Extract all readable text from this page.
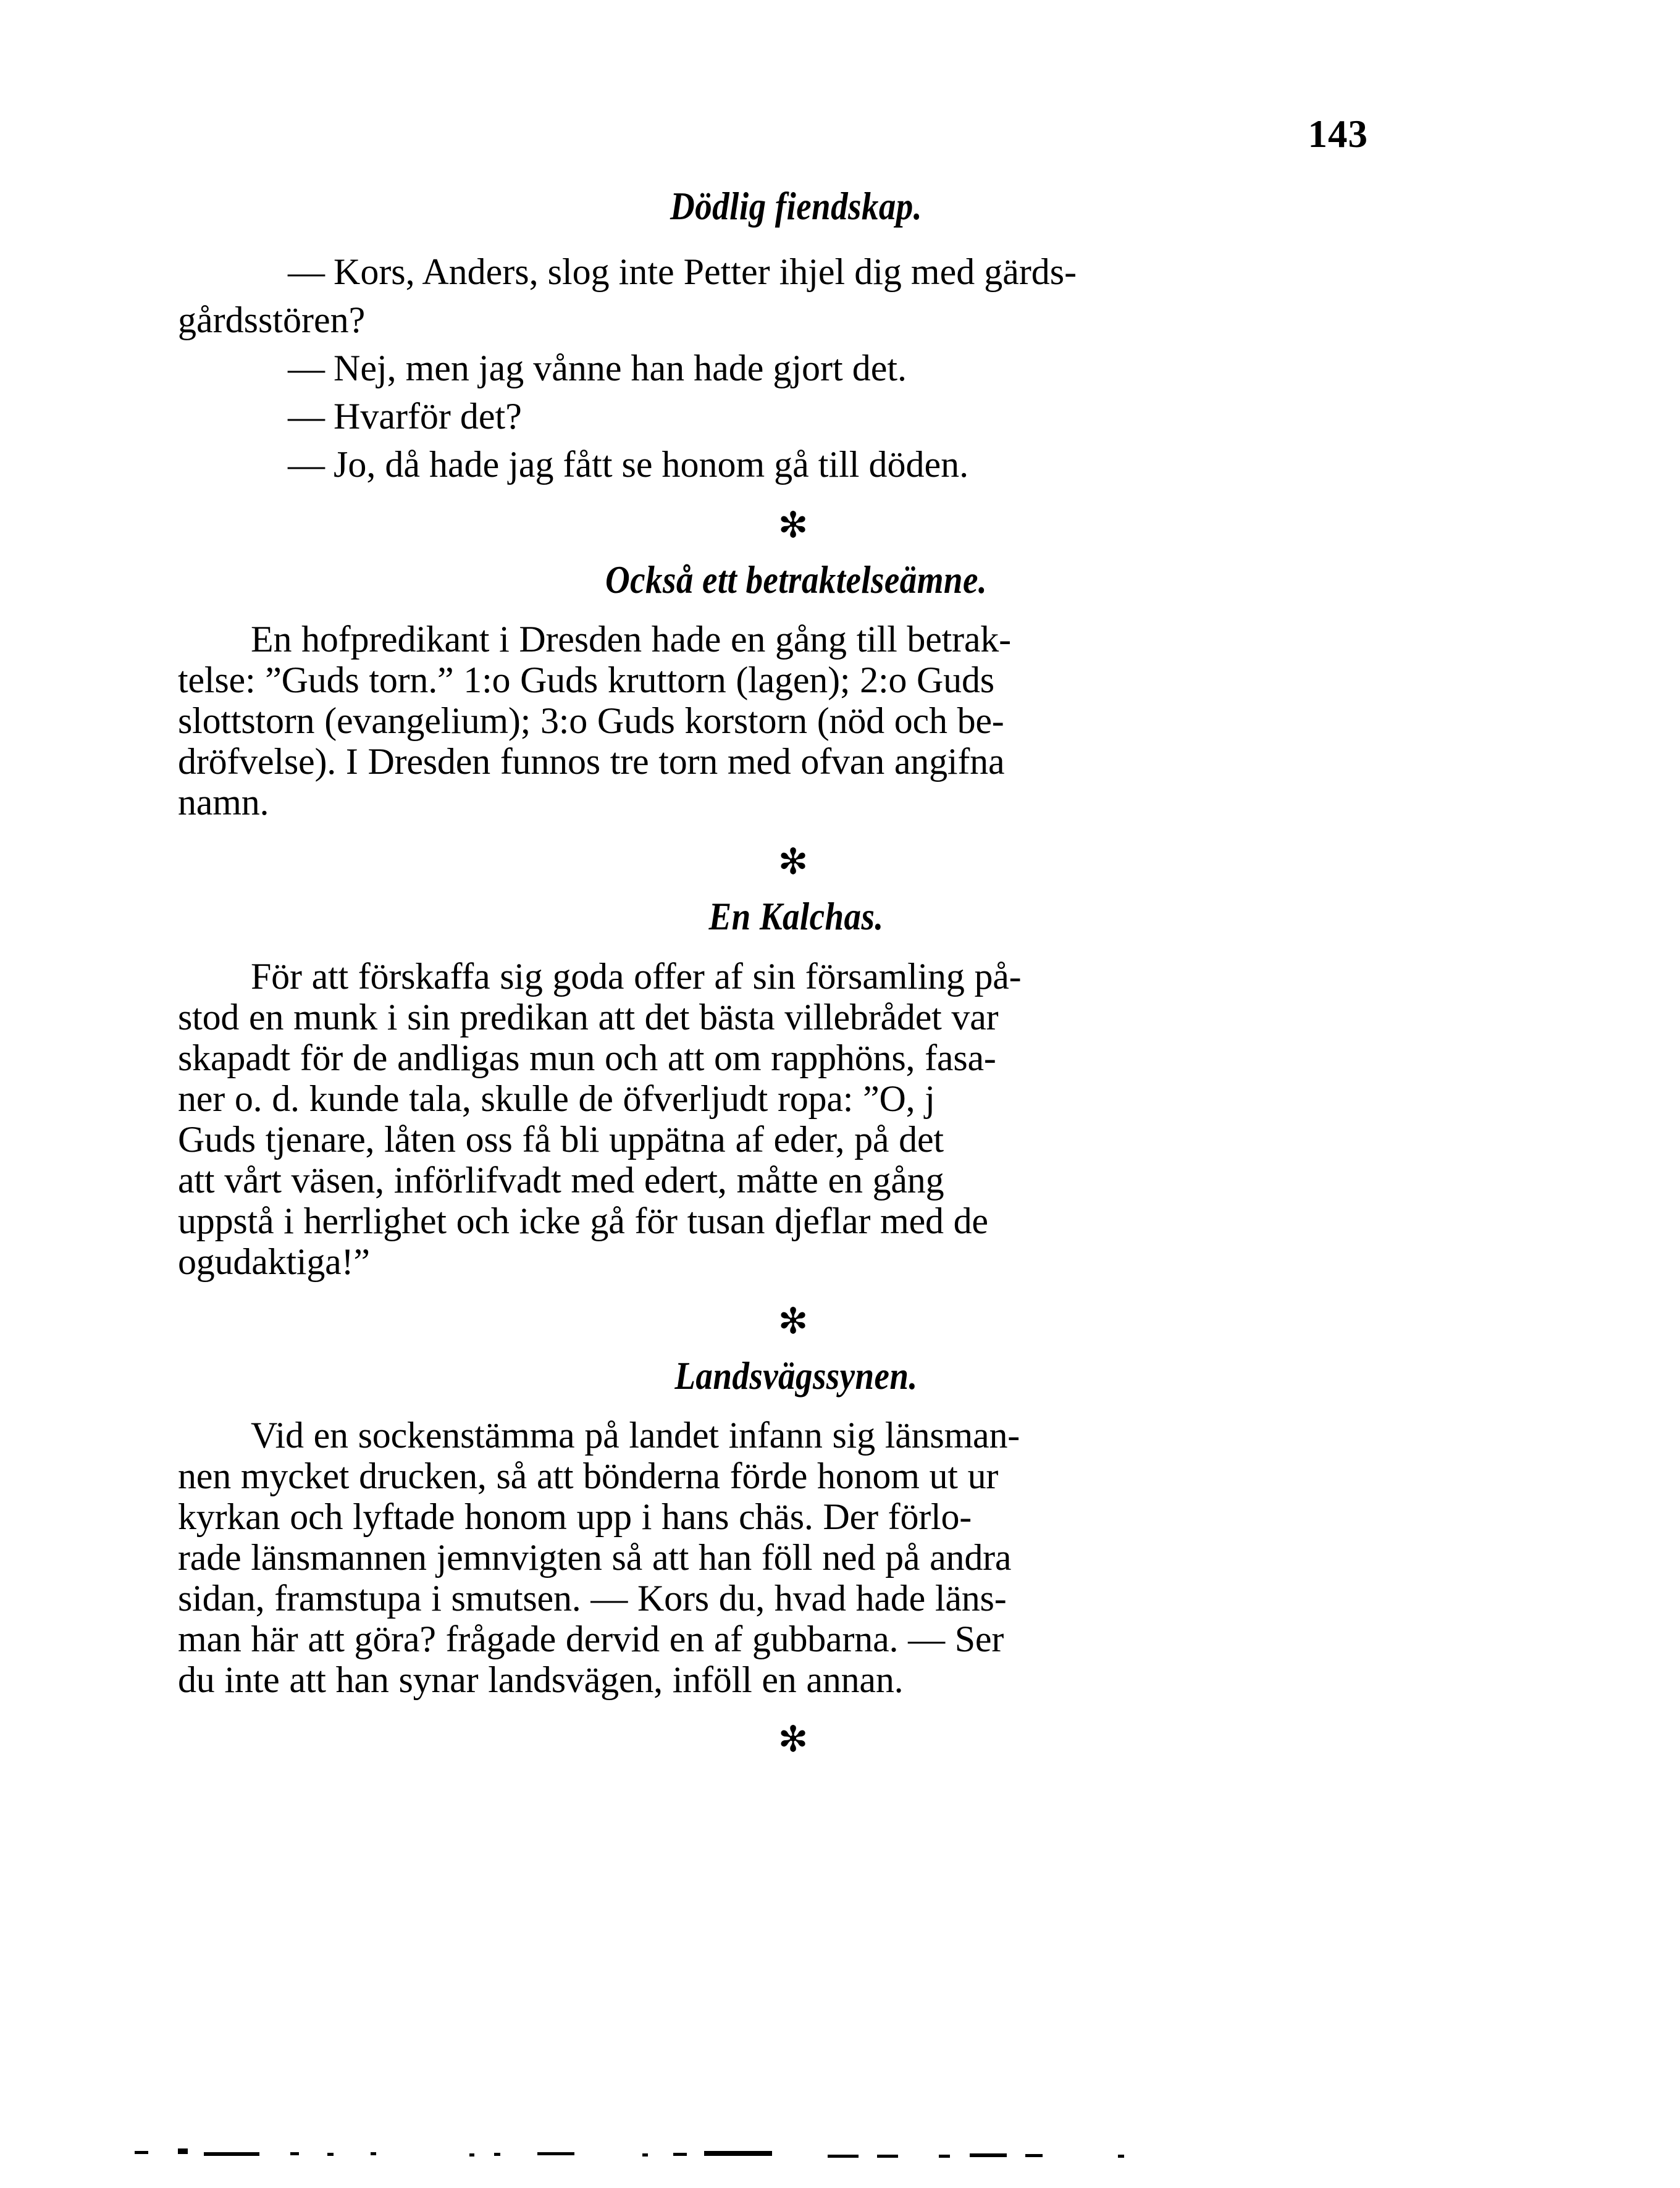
143
Dödlig fiendskap.
— Kors, Anders, slog inte Petter ihjel dig med gärds-
gårdsstören?
— Nej, men jag vånne han hade gjort det.
— Hvarför det?
— Jo, då hade jag fått se honom gå till döden.
✻
Också ett betraktelseämne.
En hofpredikant i Dresden hade en gång till betrak-
telse: ”Guds torn.” 1:o Guds kruttorn (lagen); 2:o Guds
slottstorn (evangelium); 3:o Guds korstorn (nöd och be-
dröfvelse). I Dresden funnos tre torn med ofvan angifna
namn.
✻
En Kalchas.
För att förskaffa sig goda offer af sin församling på-
stod en munk i sin predikan att det bästa villebrådet var
skapadt för de andligas mun och att om rapphöns, fasa-
ner o. d. kunde tala, skulle de öfverljudt ropa: ”O, j
Guds tjenare, låten oss få bli uppätna af eder, på det
att vårt väsen, införlifvadt med edert, måtte en gång
uppstå i herrlighet och icke gå för tusan djeflar med de
ogudaktiga!”
✻
Landsvägssynen.
Vid en sockenstämma på landet infann sig länsman-
nen mycket drucken, så att bönderna förde honom ut ur
kyrkan och lyftade honom upp i hans chäs. Der förlo-
rade länsmannen jemnvigten så att han föll ned på andra
sidan, framstupa i smutsen. — Kors du, hvad hade läns-
man här att göra? frågade dervid en af gubbarna. — Ser
du inte att han synar landsvägen, inföll en annan.
✻
